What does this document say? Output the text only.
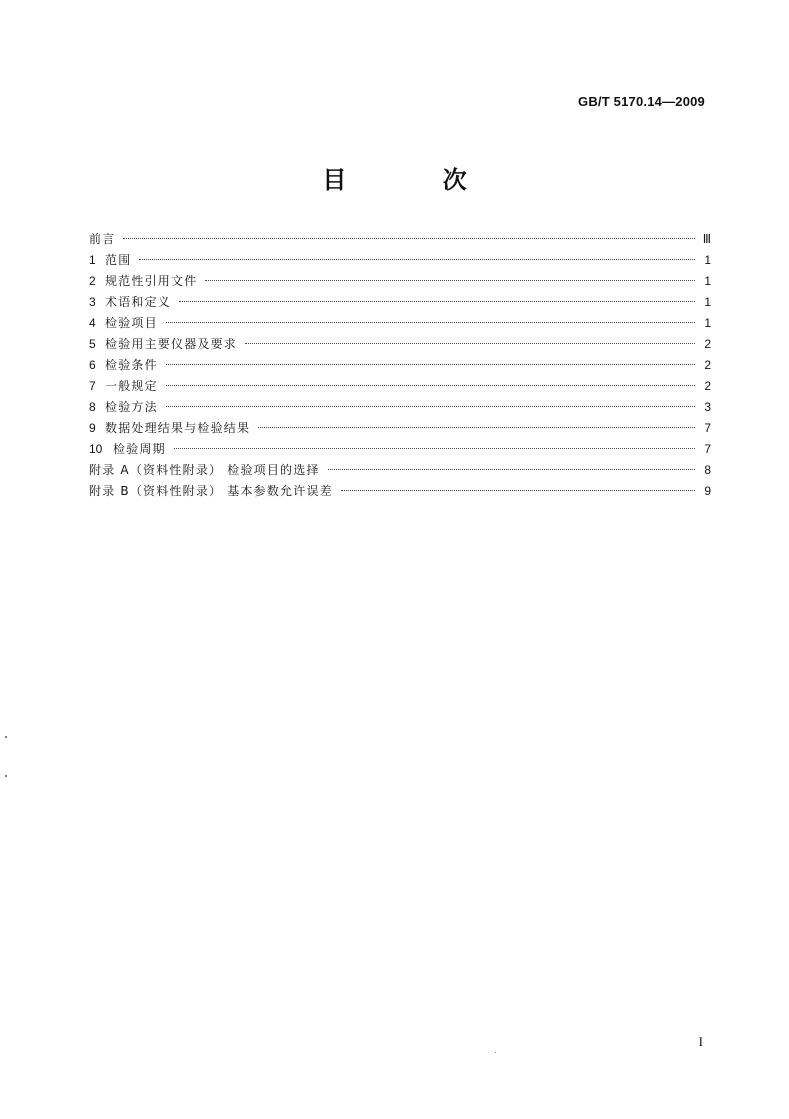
GB/T 5170.14—2009
目 次
前言	Ⅲ
1 范围	1
2 规范性引用文件	1
3 术语和定义	1
4 检验项目	1
5 检验用主要仪器及要求	2
6 检验条件	2
7 一般规定	2
8 检验方法	3
9 数据处理结果与检验结果	7
10 检验周期	7
附录 A（资料性附录） 检验项目的选择	8
附录 B（资料性附录） 基本参数允许误差	9
I
